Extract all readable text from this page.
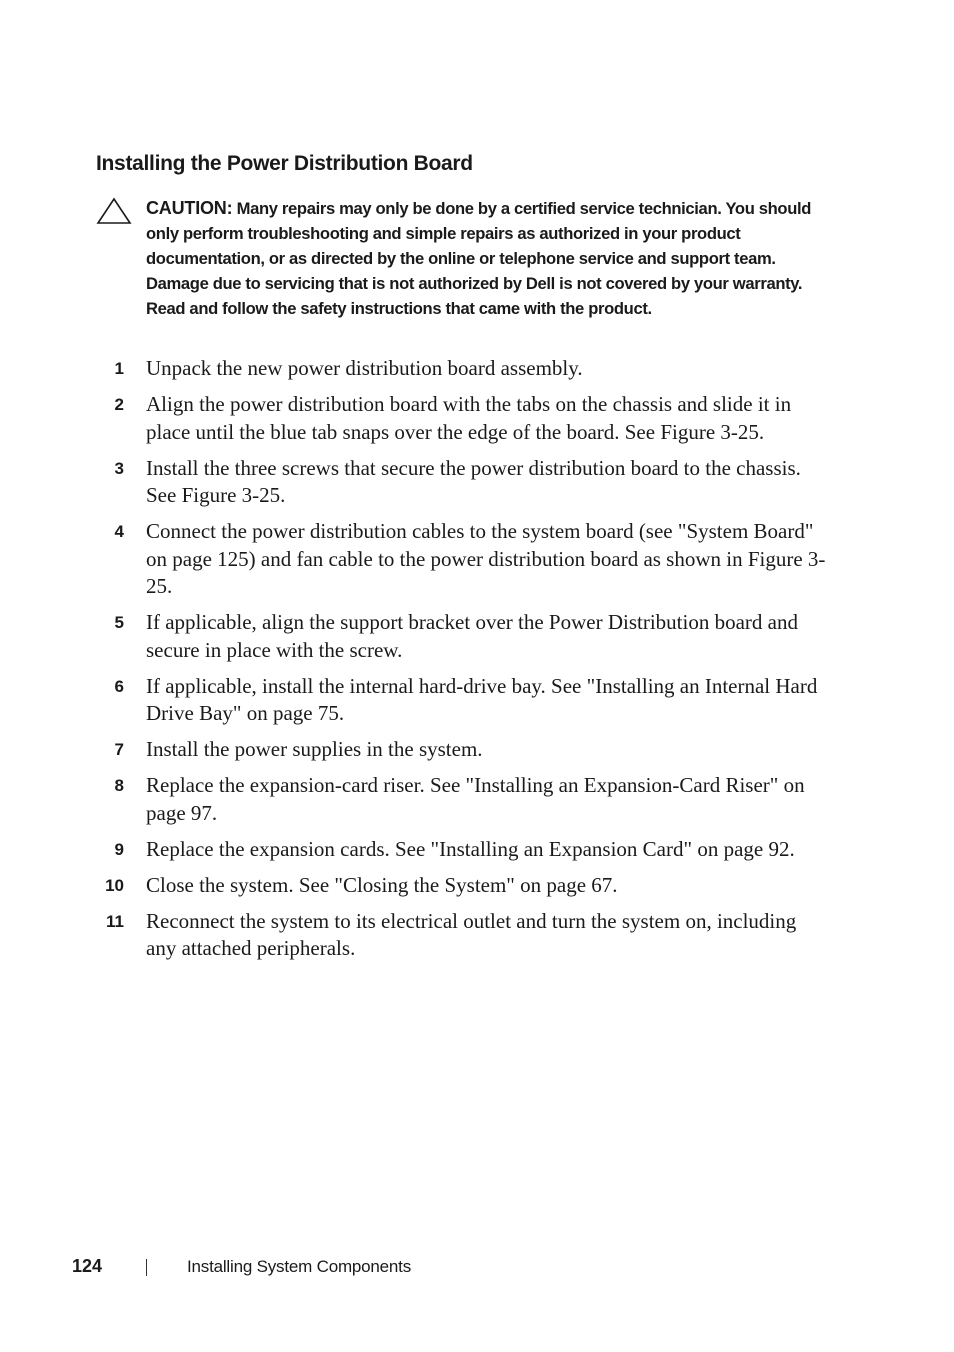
Installing the Power Distribution Board
CAUTION: Many repairs may only be done by a certified service technician. You should only perform troubleshooting and simple repairs as authorized in your product documentation, or as directed by the online or telephone service and support team. Damage due to servicing that is not authorized by Dell is not covered by your warranty. Read and follow the safety instructions that came with the product.
1 Unpack the new power distribution board assembly.
2 Align the power distribution board with the tabs on the chassis and slide it in place until the blue tab snaps over the edge of the board. See Figure 3-25.
3 Install the three screws that secure the power distribution board to the chassis. See Figure 3-25.
4 Connect the power distribution cables to the system board (see "System Board" on page 125) and fan cable to the power distribution board as shown in Figure 3-25.
5 If applicable, align the support bracket over the Power Distribution board and secure in place with the screw.
6 If applicable, install the internal hard-drive bay. See "Installing an Internal Hard Drive Bay" on page 75.
7 Install the power supplies in the system.
8 Replace the expansion-card riser. See "Installing an Expansion-Card Riser" on page 97.
9 Replace the expansion cards. See "Installing an Expansion Card" on page 92.
10 Close the system. See "Closing the System" on page 67.
11 Reconnect the system to its electrical outlet and turn the system on, including any attached peripherals.
124	Installing System Components
